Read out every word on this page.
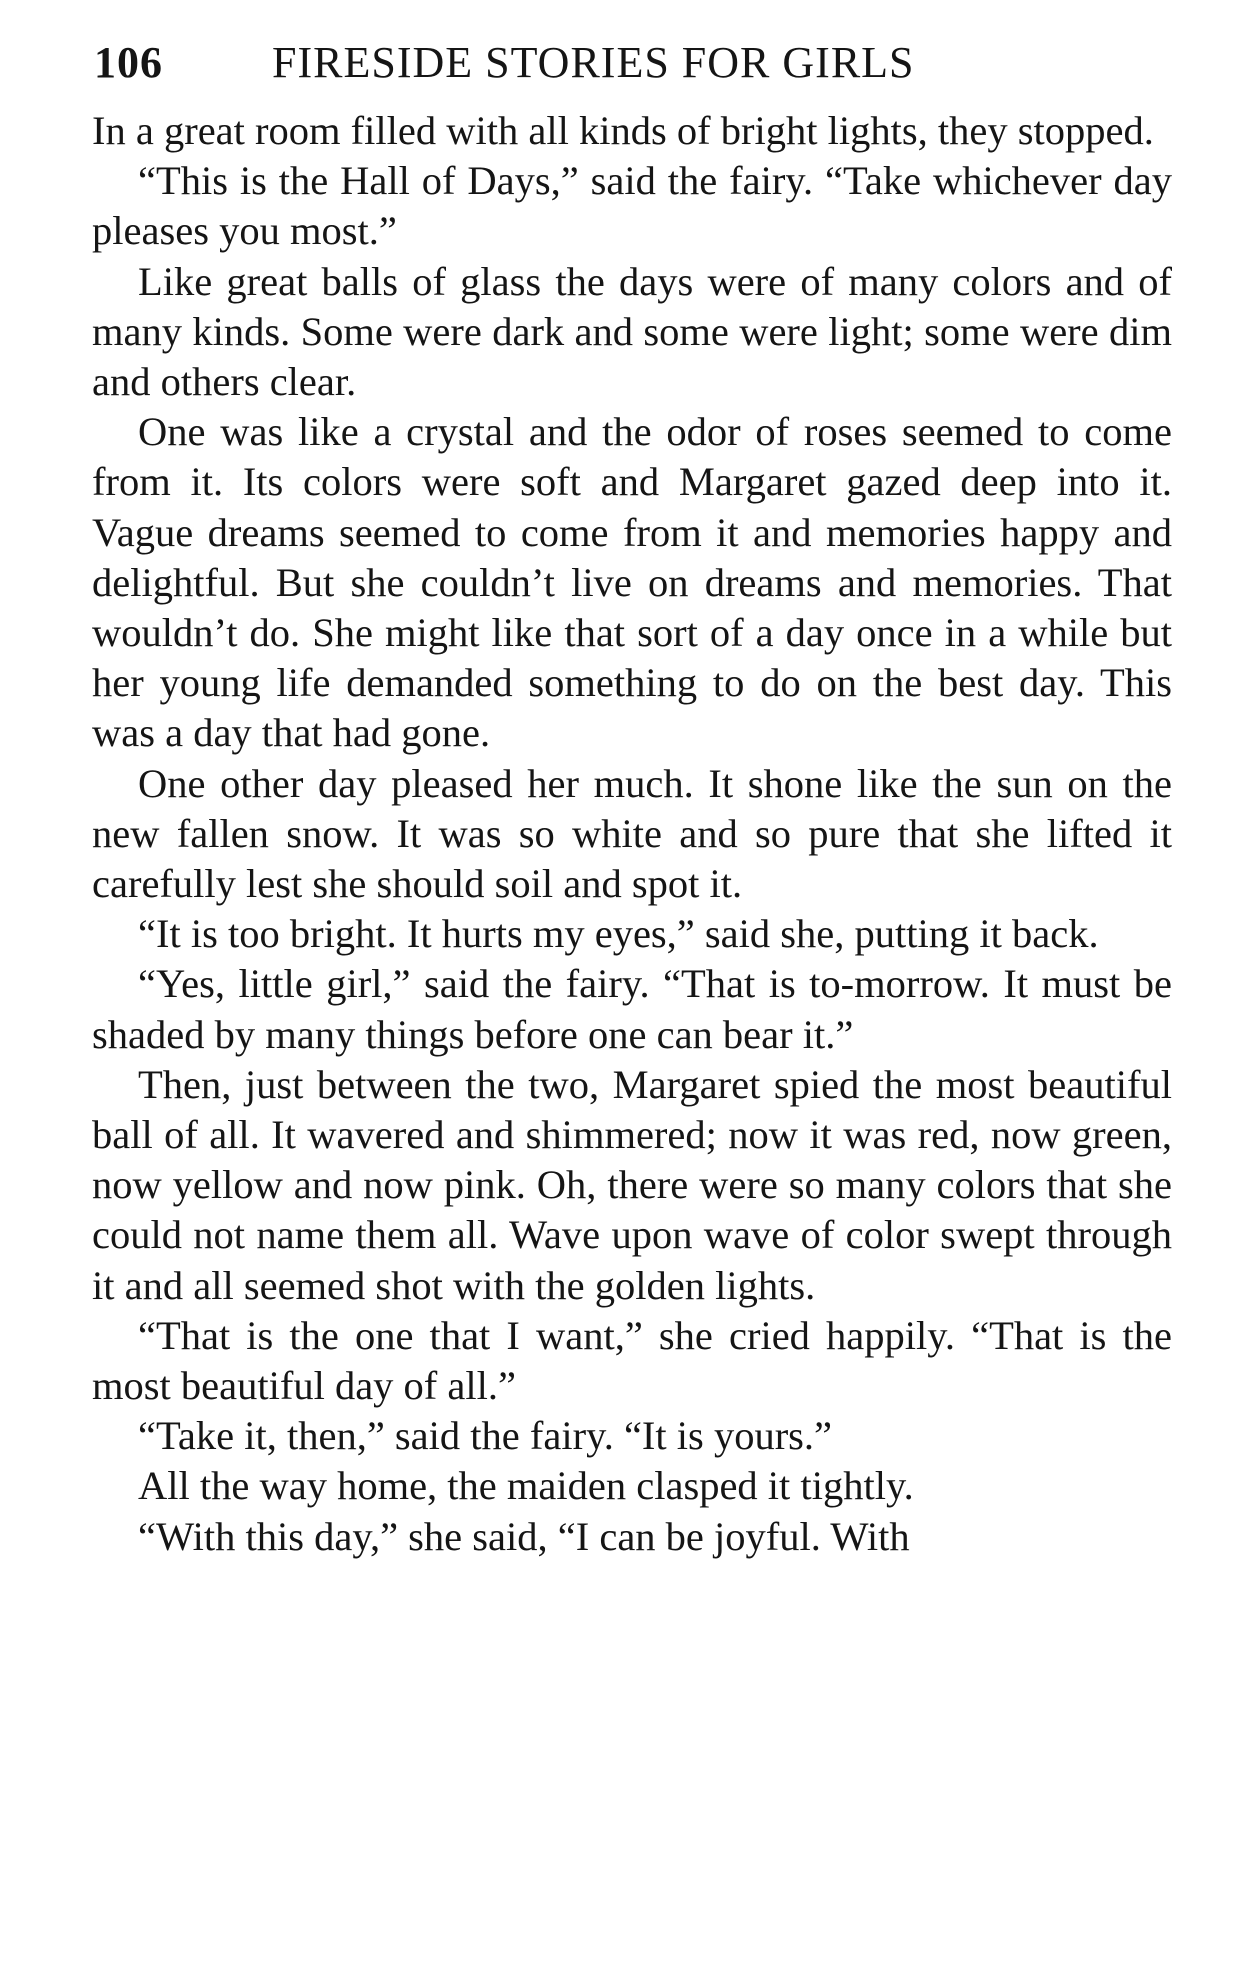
106 FIRESIDE STORIES FOR GIRLS

In a great room filled with all kinds of bright lights, they stopped.

“This is the Hall of Days,” said the fairy. “Take whichever day pleases you most.”

Like great balls of glass the days were of many colors and of many kinds. Some were dark and some were light; some were dim and others clear.

One was like a crystal and the odor of roses seemed to come from it. Its colors were soft and Margaret gazed deep into it. Vague dreams seemed to come from it and memories happy and delightful. But she couldn’t live on dreams and memories. That wouldn’t do. She might like that sort of a day once in a while but her young life demanded something to do on the best day. This was a day that had gone.

One other day pleased her much. It shone like the sun on the new fallen snow. It was so white and so pure that she lifted it carefully lest she should soil and spot it.

“It is too bright. It hurts my eyes,” said she, putting it back.

“Yes, little girl,” said the fairy. “That is to-morrow. It must be shaded by many things before one can bear it.”

Then, just between the two, Margaret spied the most beautiful ball of all. It wavered and shimmered; now it was red, now green, now yellow and now pink. Oh, there were so many colors that she could not name them all. Wave upon wave of color swept through it and all seemed shot with the golden lights.

“That is the one that I want,” she cried happily. “That is the most beautiful day of all.”

“Take it, then,” said the fairy. “It is yours.”

All the way home, the maiden clasped it tightly.

“With this day,” she said, “I can be joyful. With
